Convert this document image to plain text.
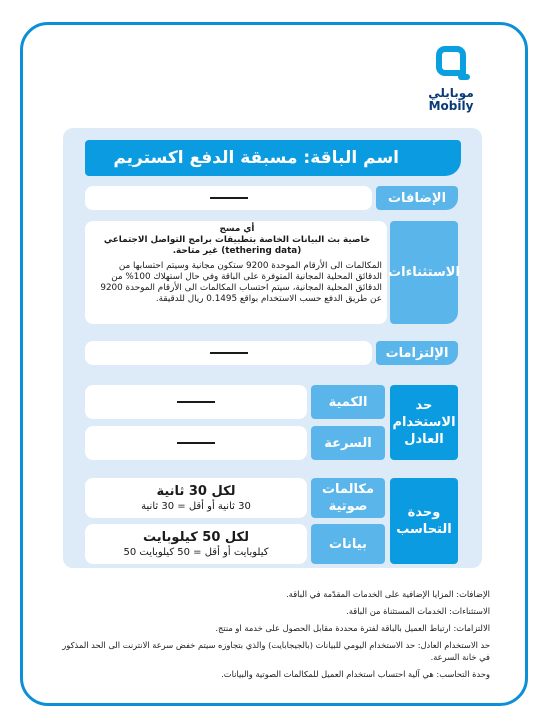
موبايلي
Mobily
اسم الباقة: مسبقة الدفع اكستريم
الإضافات

أي مسج

خاصية بث البيانات الخاصة بتطبيقات برامج التواصل الاجتماعي (tethering data) غير متاحة.

المكالمات الى الأرقام الموحدة 9200 ستكون مجانية وسيتم احتسابها من الدقائق المحلية المجانية المتوفرة على الباقة وفي حال استهلاك 100% من الدقائق المحلية المجانية، سيتم احتساب المكالمات الى الأرقام الموحدة 9200 عن طريق الدفع حسب الاستخدام بواقع 0.1495 ريال للدقيقة.

الاستثناءات
الإلتزامات
الكمية
السرعة
حد الاستخدام العادل
لكل 30 ثانية
30 ثانية أو أقل = 30 ثانية
مكالمات صوتية
لكل 50 كيلوبايت
كيلوبايت أو أقل = 50 كيلوبايت 50
بيانات
وحدة التحاسب

الإضافات: المزايا الإضافية على الخدمات المقدّمة في الباقة.

الاستثناءات: الخدمات المستثناة من الباقة.

الالتزامات: ارتباط العميل بالباقة لفترة محددة مقابل الحصول على خدمة او منتج.

حد الاستخدام العادل: حد الاستخدام اليومي للبيانات (بالجيجابايت) والذي بتجاوزه سيتم خفض سرعة الانترنت الى الحد المذكور في خانة السرعة.

وحدة التحاسب: هي آلية احتساب استخدام العميل للمكالمات الصوتية والبيانات.
